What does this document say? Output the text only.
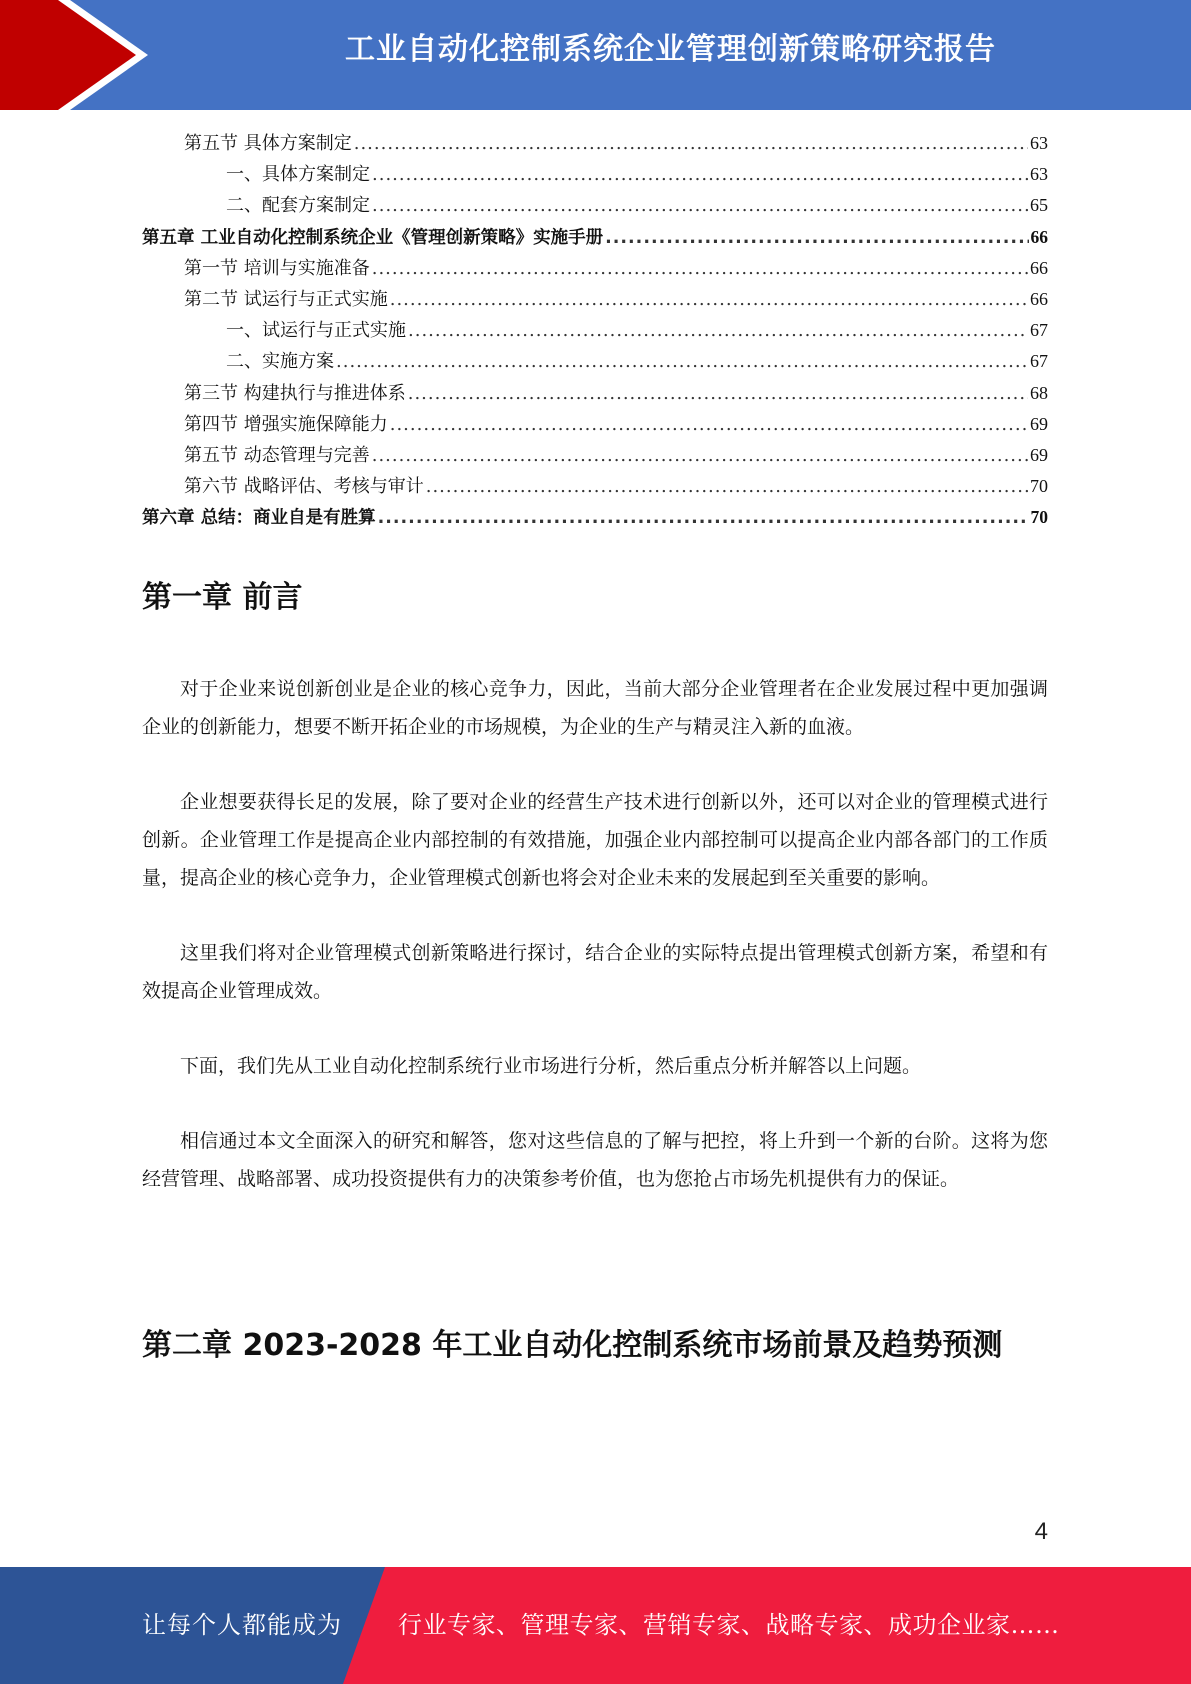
工业自动化控制系统企业管理创新策略研究报告
第五节 具体方案制定 .....	63
一、具体方案制定 .....	63
二、配套方案制定 .....	65
第五章 工业自动化控制系统企业《管理创新策略》实施手册 .....	66
第一节 培训与实施准备 .....	66
第二节 试运行与正式实施 .....	66
一、试运行与正式实施 .....	67
二、实施方案 .....	67
第三节 构建执行与推进体系 .....	68
第四节 增强实施保障能力 .....	69
第五节 动态管理与完善 .....	69
第六节 战略评估、考核与审计 .....	70
第六章 总结：商业自是有胜算 .....	70
第一章 前言

对于企业来说创新创业是企业的核心竞争力，因此，当前大部分企业管理者在企业发展过程中更加强调企业的创新能力，想要不断开拓企业的市场规模，为企业的生产与精灵注入新的血液。

企业想要获得长足的发展，除了要对企业的经营生产技术进行创新以外，还可以对企业的管理模式进行创新。企业管理工作是提高企业内部控制的有效措施，加强企业内部控制可以提高企业内部各部门的工作质量，提高企业的核心竞争力，企业管理模式创新也将会对企业未来的发展起到至关重要的影响。

这里我们将对企业管理模式创新策略进行探讨，结合企业的实际特点提出管理模式创新方案，希望和有效提高企业管理成效。

下面，我们先从工业自动化控制系统行业市场进行分析，然后重点分析并解答以上问题。

相信通过本文全面深入的研究和解答，您对这些信息的了解与把控，将上升到一个新的台阶。这将为您经营管理、战略部署、成功投资提供有力的决策参考价值，也为您抢占市场先机提供有力的保证。

第二章 2023-2028 年工业自动化控制系统市场前景及趋势预测
4
让每个人都能成为 行业专家、管理专家、营销专家、战略专家、成功企业家……
